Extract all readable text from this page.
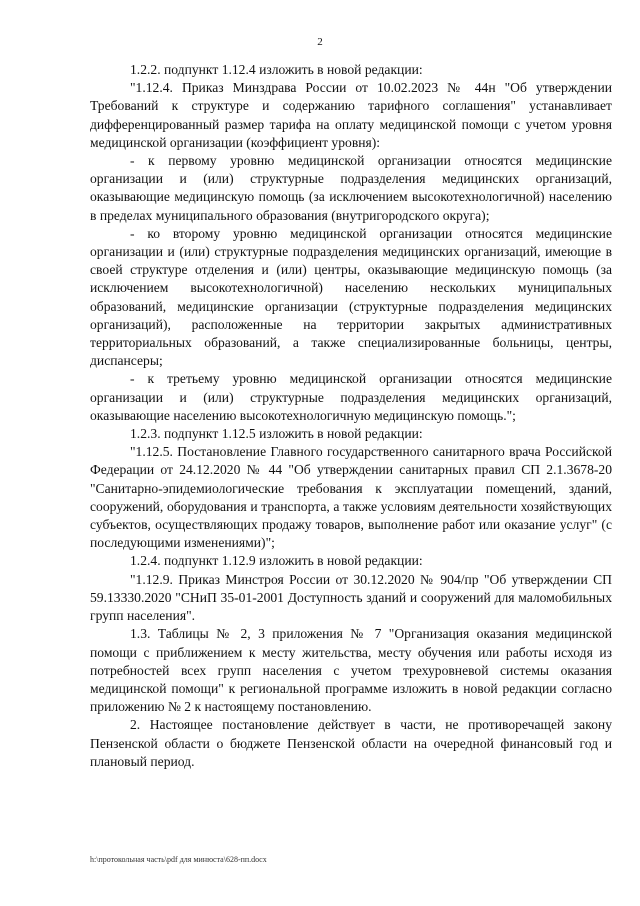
2

1.2.2. подпункт 1.12.4 изложить в новой редакции:

"1.12.4. Приказ Минздрава России от 10.02.2023 № 44н "Об утверждении Требований к структуре и содержанию тарифного соглашения" устанавливает дифференцированный размер тарифа на оплату медицинской помощи с учетом уровня медицинской организации (коэффициент уровня):

- к первому уровню медицинской организации относятся медицинские организации и (или) структурные подразделения медицинских организаций, оказывающие медицинскую помощь (за исключением высокотехнологичной) населению в пределах муниципального образования (внутригородского округа);

- ко второму уровню медицинской организации относятся медицинские организации и (или) структурные подразделения медицинских организаций, имеющие в своей структуре отделения и (или) центры, оказывающие медицинскую помощь (за исключением высокотехнологичной) населению нескольких муниципальных образований, медицинские организации (структурные подразделения медицинских организаций), расположенные на территории закрытых административных территориальных образований, а также специализированные больницы, центры, диспансеры;

- к третьему уровню медицинской организации относятся медицинские организации и (или) структурные подразделения медицинских организаций, оказывающие населению высокотехнологичную медицинскую помощь.";

1.2.3. подпункт 1.12.5 изложить в новой редакции:

"1.12.5. Постановление Главного государственного санитарного врача Российской Федерации от 24.12.2020 № 44 "Об утверждении санитарных правил СП 2.1.3678-20 "Санитарно-эпидемиологические требования к эксплуатации помещений, зданий, сооружений, оборудования и транспорта, а также условиям деятельности хозяйствующих субъектов, осуществляющих продажу товаров, выполнение работ или оказание услуг" (с последующими изменениями)";

1.2.4. подпункт 1.12.9 изложить в новой редакции:

"1.12.9. Приказ Минстроя России от 30.12.2020 № 904/пр "Об утверждении СП 59.13330.2020 "СНиП 35-01-2001 Доступность зданий и сооружений для маломобильных групп населения".

1.3. Таблицы № 2, 3 приложения № 7 "Организация оказания медицинской помощи с приближением к месту жительства, месту обучения или работы исходя из потребностей всех групп населения с учетом трехуровневой системы оказания медицинской помощи" к региональной программе изложить в новой редакции согласно приложению № 2 к настоящему постановлению.

2. Настоящее постановление действует в части, не противоречащей закону Пензенской области о бюджете Пензенской области на очередной финансовый год и плановый период.

h:\протокольная часть\pdf для минюста\628-пп.docx
